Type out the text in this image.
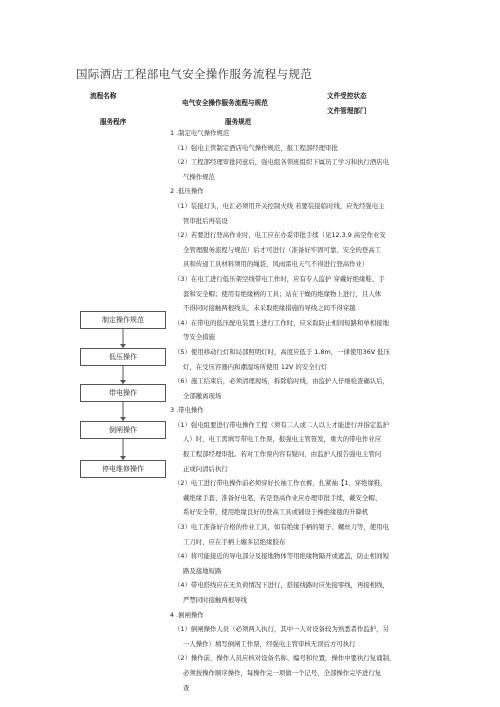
国际酒店工程部电气安全操作服务流程与规范
流程名称
电气安全操作服务流程与规范
文件受控状态
文件管理部门
服务程序	服务规范
1 .制定电气操作规范
（1）强电主管制定酒店电气操作规范，报工程部经理审批
（2）工程部经理审批同意后，强电组各领班组织下属员工学习和执行酒店电
气操作规范
2 .低压操作
（1）装接灯头，电汇必须用开关控制火线 若要装接临时线，应先经强电主
管审批后再装设
（2）若要进行登高作业时，电工应在办妥审批手续（见12.3.9 高空作业安
全管理服务流程与规范）后才可进行（准备好牢固可靠、安全的登高工
具和传递工具材料须用的绳袋，风雨雷电天气不得进行登高作业）
（3）在电工进行低压架空线带电工作时，应有专人监护 穿戴好绝缘鞋、手
套和安全帽；使用有绝缘柄的工具；站在干燥的绝缘物上进行，且人体
不得同时接触两根线头，未采取绝缘措施的导线之间不得穿越
（4）在带电的低压配电装置上进行工作时，应采取防止相间短路和单相接地
等安全措施
（5）使用移动行灯和局部照明灯时，高度应低于 1.8m，一律使用36V 低压
灯，在受压容器内和潮湿场所使用 12V 的安全行灯
（6）施工结束后，必须清理现场，拆除临时线，由监护人仔细检查确认后，
全部撤离现场
3 .带电操作
（1）强电组要进行带电操作工程（须有二人或二人以上才能进行并指定监护
人）时，电工需填写带电工作票，报强电主管签发，重大的带电作业应
报工程部经理审批。若对工作票内容有疑问，由监护人报告强电主管问
正或问清后执行
（2）电工进行带电操作前必须穿好长袖工作衣裤，扎紧袖【1、穿绝缘鞋、
戴绝缘手套、准备好电笔，若是登高作业应办理审批手续，戴安全帽、
系好安全带，使用绝缘良好的登高工具或铺设于操绝缘毯的升降机
（3）电工准备好合格的作业工具，如有绝缘手柄的钳子、螺丝刀等，使用电
工刀时，应在手柄上缠多层绝缘胶布
（4）将可能接近的导电部分及接地物体等用绝缘物隔开或遮盖，防止相间短
路及接地短路
（4）带电搭线应在无负荷情况下进行，搭接线路时应先接零线，再接相线，
严禁同时接触两根导线
4 .倒闸操作
（1）倒闸操作人员（必须两人执行，其中一人对设备较为熟悉者作监护，另
一人操作）填写倒闸工作票，经强电主管审核无误后方可执行
（2）操作前，操作人员应核对设备名称、编号和位置，操作中要执行复诵制，
必须按操作顺序操作，每操作完一项做一个记号，全部操作完毕进行复
查
制定操作规范
低压操作
带电操作
倒闸操作
停电维修操作
